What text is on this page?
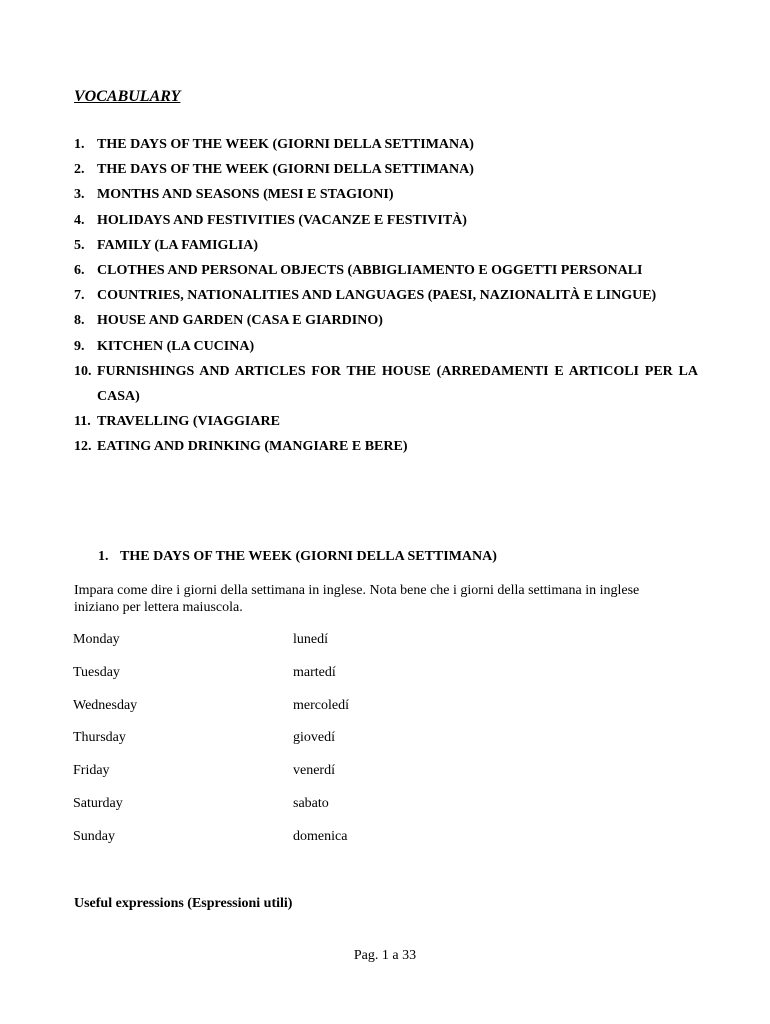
VOCABULARY
1. THE DAYS OF THE WEEK (GIORNI DELLA SETTIMANA)
2. THE DAYS OF THE WEEK (GIORNI DELLA SETTIMANA)
3. MONTHS AND SEASONS (MESI E STAGIONI)
4. HOLIDAYS AND FESTIVITIES (VACANZE E FESTIVITÀ)
5. FAMILY (LA FAMIGLIA)
6. CLOTHES AND PERSONAL OBJECTS (ABBIGLIAMENTO E OGGETTI PERSONALI
7. COUNTRIES, NATIONALITIES AND LANGUAGES (PAESI, NAZIONALITÀ E LINGUE)
8. HOUSE AND GARDEN (CASA E GIARDINO)
9. KITCHEN (LA CUCINA)
10. FURNISHINGS AND ARTICLES FOR THE HOUSE (ARREDAMENTI E ARTICOLI PER LA CASA)
11. TRAVELLING (VIAGGIARE
12. EATING AND DRINKING (MANGIARE E BERE)
1. THE DAYS OF THE WEEK (GIORNI DELLA SETTIMANA)
Impara come dire i giorni della settimana in inglese. Nota bene che i giorni della settimana in inglese iniziano per lettera maiuscola.
Monday	lunedí
Tuesday	martedí
Wednesday	mercoledí
Thursday	giovedí
Friday	venerdí
Saturday	sabato
Sunday	domenica
Useful expressions (Espressioni utili)
Pag. 1 a 33
